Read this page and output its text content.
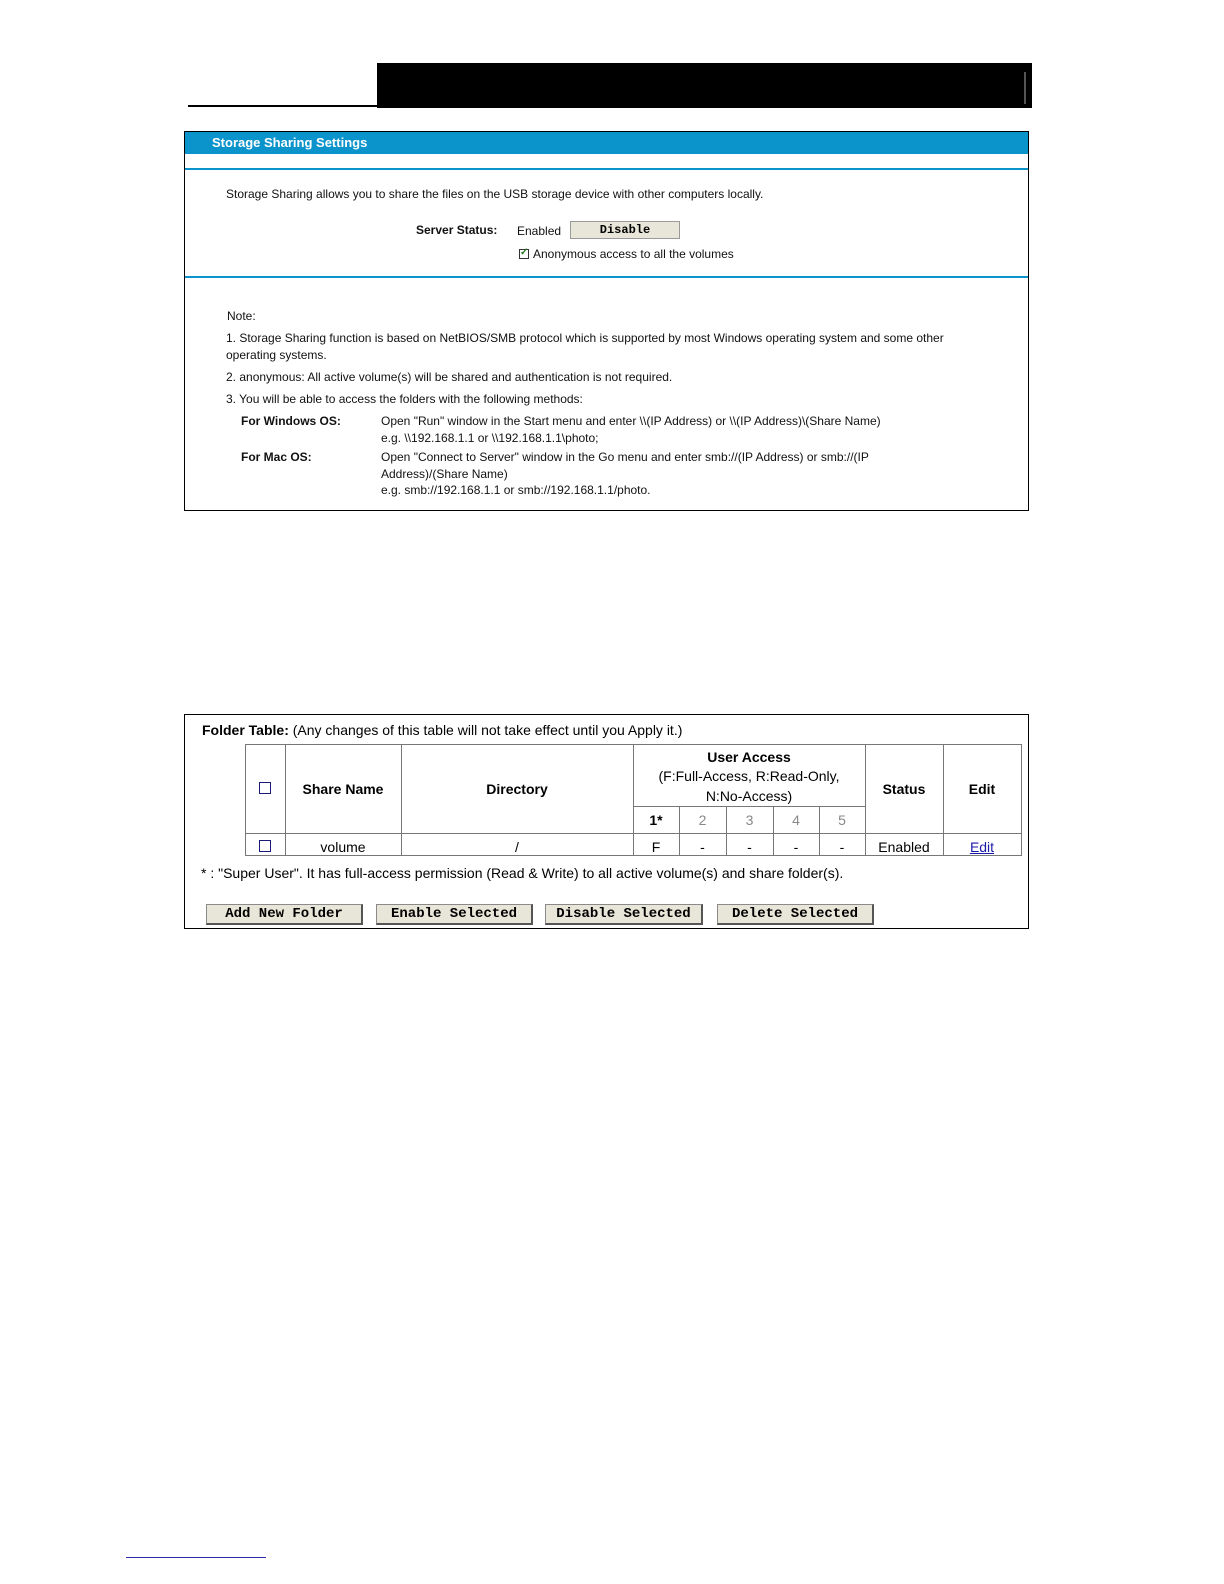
Storage Sharing Settings
Storage Sharing allows you to share the files on the USB storage device with other computers locally.
Server Status: Enabled	Disable
✓
Anonymous access to all the volumes
Note:
1. Storage Sharing function is based on NetBIOS/SMB protocol which is supported by most Windows operating system and some other
operating systems.
2. anonymous: All active volume(s) will be shared and authentication is not required.
3. You will be able to access the folders with the following methods:
For Windows OS:	Open "Run" window in the Start menu and enter \\(IP Address) or \\(IP Address)\(Share Name)
e.g. \\192.168.1.1 or \\192.168.1.1\photo;
For Mac OS:	Open "Connect to Server" window in the Go menu and enter smb://(IP Address) or smb://(IP
Address)/(Share Name)
e.g. smb://192.168.1.1 or smb://192.168.1.1/photo.
Folder Table: (Any changes of this table will not take effect until you Apply it.)
Share Name	Directory
User Access
(F:Full-Access, R:Read-Only,
N:No-Access)	Status	Edit
1*	2	3	4	5
volume	/	F	-	-	-	-	Enabled	Edit
* : "Super User". It has full-access permission (Read & Write) to all active volume(s) and share folder(s).
Add New Folder	Enable Selected	Disable Selected	Delete Selected
